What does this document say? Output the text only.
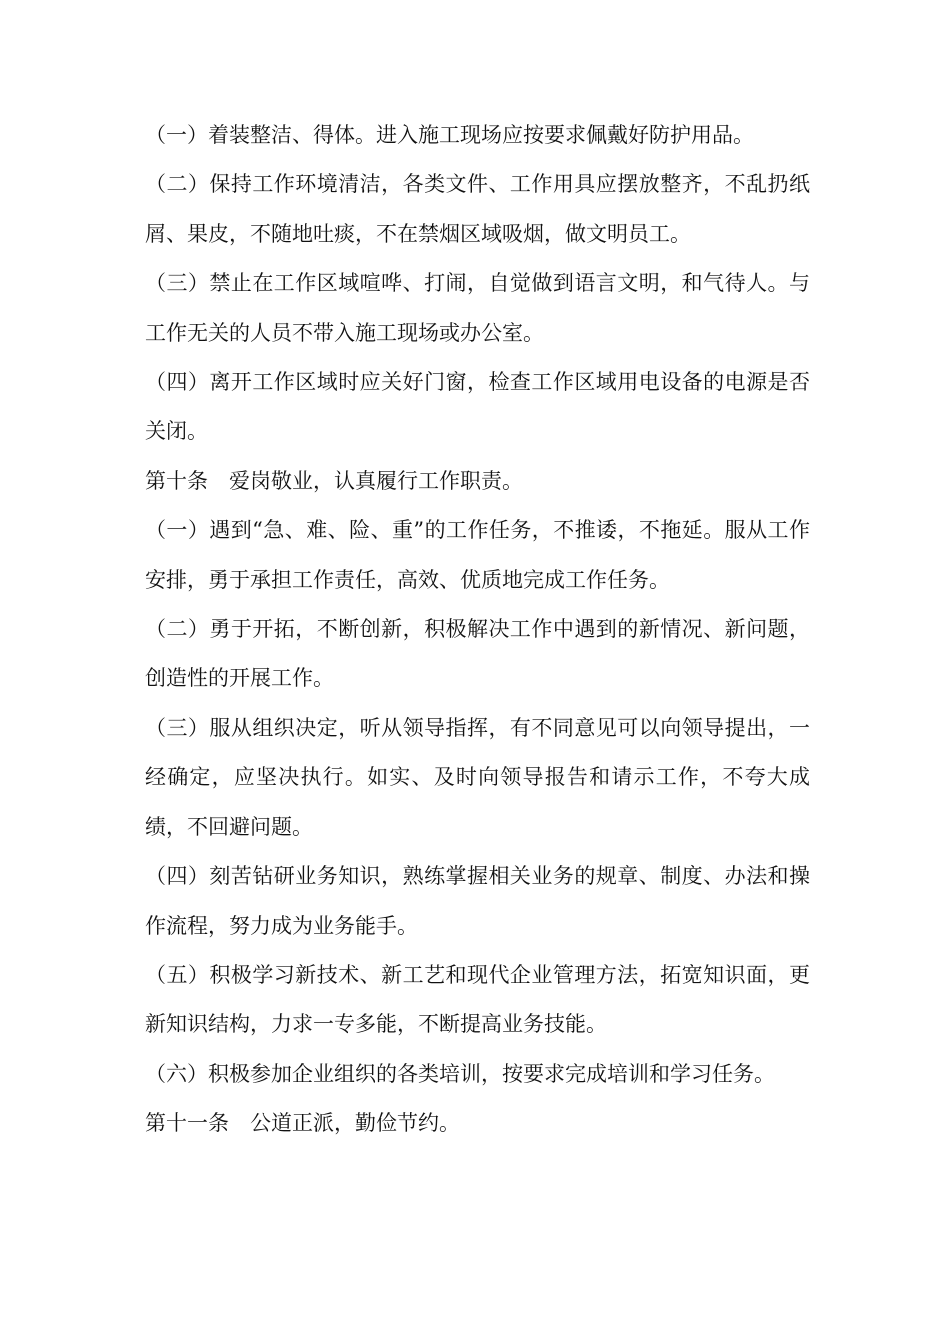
（一）着装整洁、得体。进入施工现场应按要求佩戴好防护用品。

（二）保持工作环境清洁，各类文件、工作用具应摆放整齐，不乱扔纸屑、果皮，不随地吐痰，不在禁烟区域吸烟，做文明员工。

（三）禁止在工作区域喧哗、打闹，自觉做到语言文明，和气待人。与工作无关的人员不带入施工现场或办公室。

（四）离开工作区域时应关好门窗，检查工作区域用电设备的电源是否关闭。

第十条　爱岗敬业，认真履行工作职责。

（一）遇到“急、难、险、重”的工作任务，不推诿，不拖延。服从工作安排，勇于承担工作责任，高效、优质地完成工作任务。

（二）勇于开拓，不断创新，积极解决工作中遇到的新情况、新问题，创造性的开展工作。

（三）服从组织决定，听从领导指挥，有不同意见可以向领导提出，一经确定，应坚决执行。如实、及时向领导报告和请示工作，不夸大成绩，不回避问题。

（四）刻苦钻研业务知识，熟练掌握相关业务的规章、制度、办法和操作流程，努力成为业务能手。

（五）积极学习新技术、新工艺和现代企业管理方法，拓宽知识面，更新知识结构，力求一专多能，不断提高业务技能。

（六）积极参加企业组织的各类培训，按要求完成培训和学习任务。

第十一条　公道正派，勤俭节约。
